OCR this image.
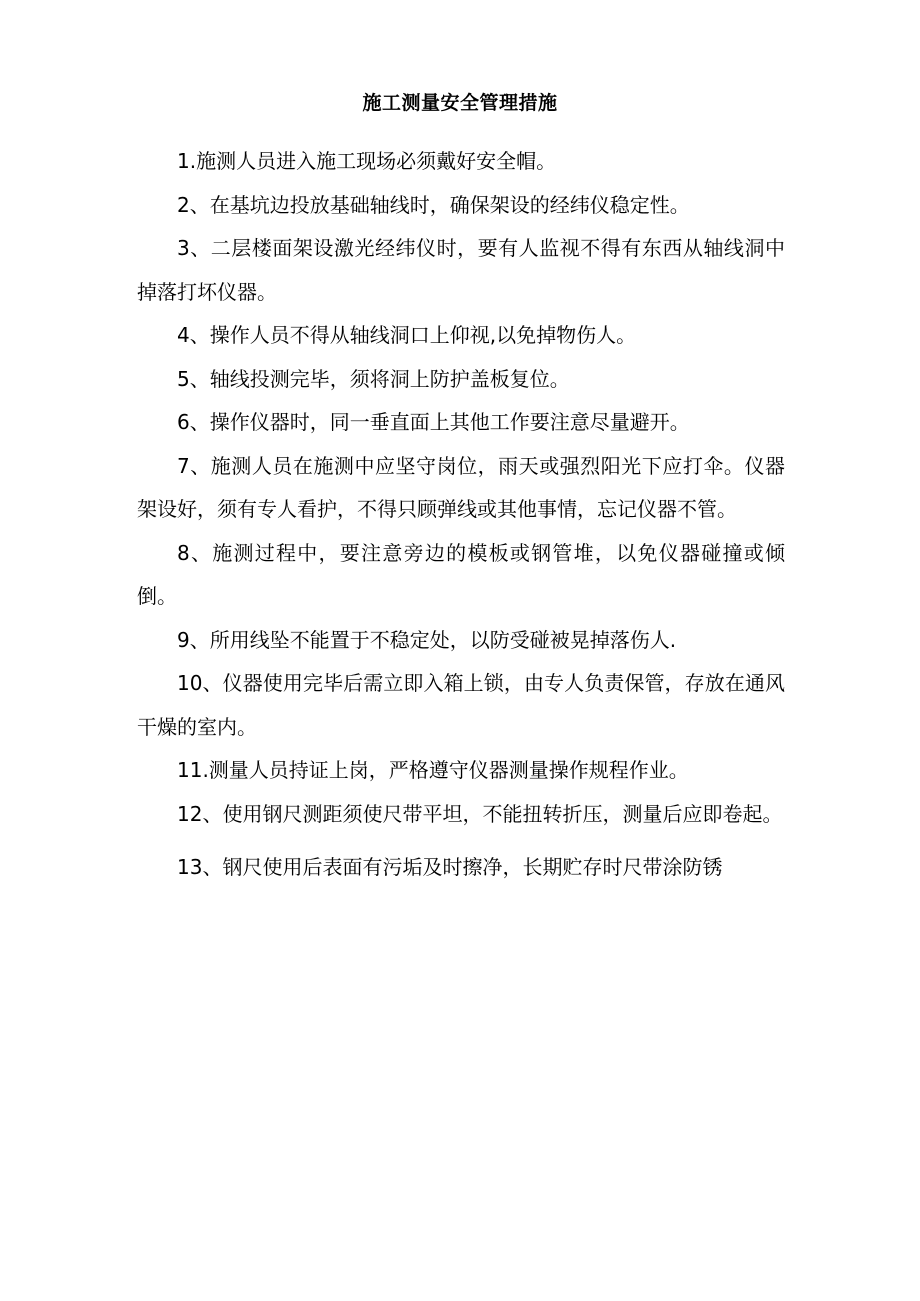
施工测量安全管理措施

1.施测人员进入施工现场必须戴好安全帽。

2、在基坑边投放基础轴线时，确保架设的经纬仪稳定性。

3、二层楼面架设激光经纬仪时，要有人监视不得有东西从轴线洞中掉落打坏仪器。

4、操作人员不得从轴线洞口上仰视,以免掉物伤人。

5、轴线投测完毕，须将洞上防护盖板复位。

6、操作仪器时，同一垂直面上其他工作要注意尽量避开。

7、施测人员在施测中应坚守岗位，雨天或强烈阳光下应打伞。仪器架设好，须有专人看护，不得只顾弹线或其他事情，忘记仪器不管。

8、施测过程中，要注意旁边的模板或钢管堆，以免仪器碰撞或倾倒。

9、所用线坠不能置于不稳定处，以防受碰被晃掉落伤人.

10、仪器使用完毕后需立即入箱上锁，由专人负责保管，存放在通风干燥的室内。

11.测量人员持证上岗，严格遵守仪器测量操作规程作业。

12、使用钢尺测距须使尺带平坦，不能扭转折压，测量后应即卷起。

13、钢尺使用后表面有污垢及时擦净，长期贮存时尺带涂防锈
